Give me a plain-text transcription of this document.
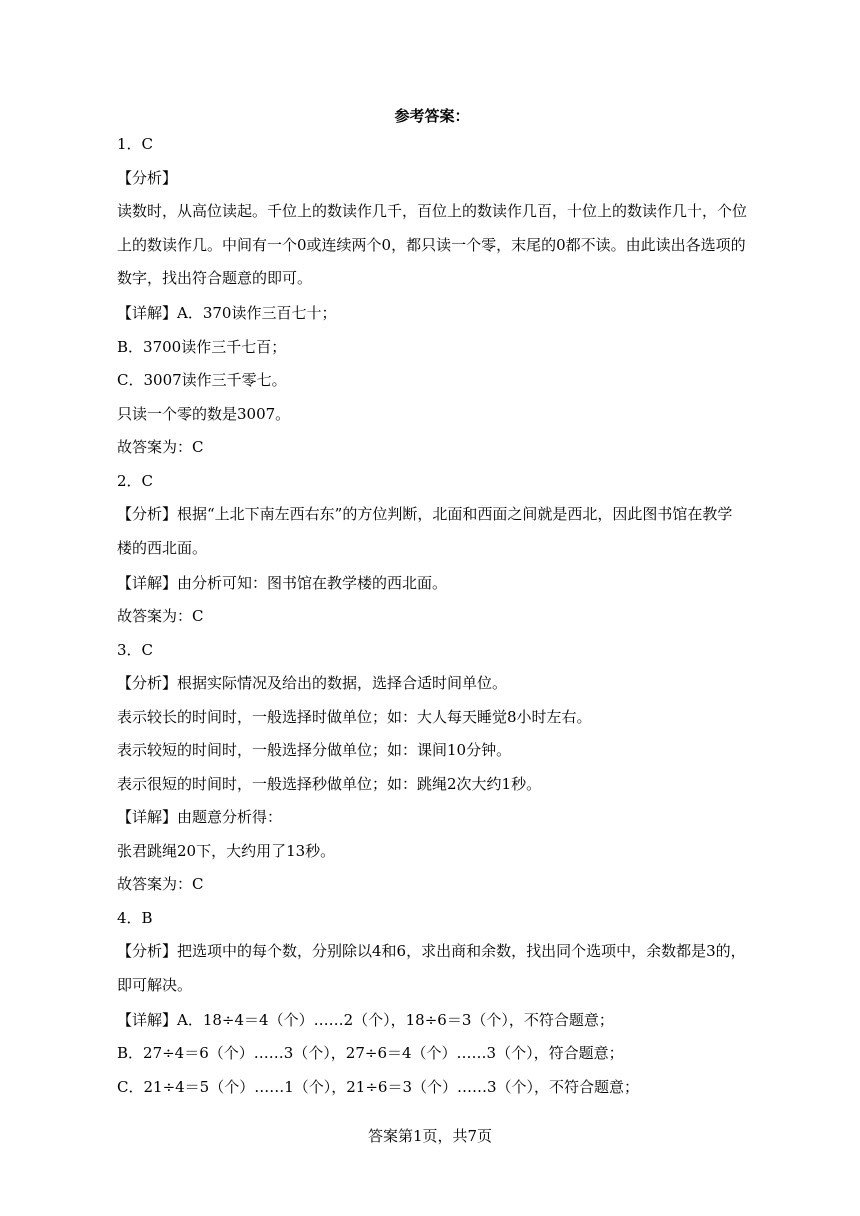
参考答案：
1．C
【分析】
读数时，从高位读起。千位上的数读作几千，百位上的数读作几百，十位上的数读作几十，个位上的数读作几。中间有一个0或连续两个0，都只读一个零，末尾的0都不读。由此读出各选项的数字，找出符合题意的即可。
【详解】A．370读作三百七十；
B．3700读作三千七百；
C．3007读作三千零七。
只读一个零的数是3007。
故答案为：C
2．C
【分析】根据“上北下南左西右东”的方位判断，北面和西面之间就是西北，因此图书馆在教学楼的西北面。
【详解】由分析可知：图书馆在教学楼的西北面。
故答案为：C
3．C
【分析】根据实际情况及给出的数据，选择合适时间单位。
表示较长的时间时，一般选择时做单位；如：大人每天睡觉8小时左右。
表示较短的时间时，一般选择分做单位；如：课间10分钟。
表示很短的时间时，一般选择秒做单位；如：跳绳2次大约1秒。
【详解】由题意分析得：
张君跳绳20下，大约用了13秒。
故答案为：C
4．B
【分析】把选项中的每个数，分别除以4和6，求出商和余数，找出同个选项中，余数都是3的，即可解决。
【详解】A．18÷4＝4（个）……2（个），18÷6＝3（个），不符合题意；
B．27÷4＝6（个）……3（个），27÷6＝4（个）……3（个），符合题意；
C．21÷4＝5（个）……1（个），21÷6＝3（个）……3（个），不符合题意；
答案第1页，共7页
